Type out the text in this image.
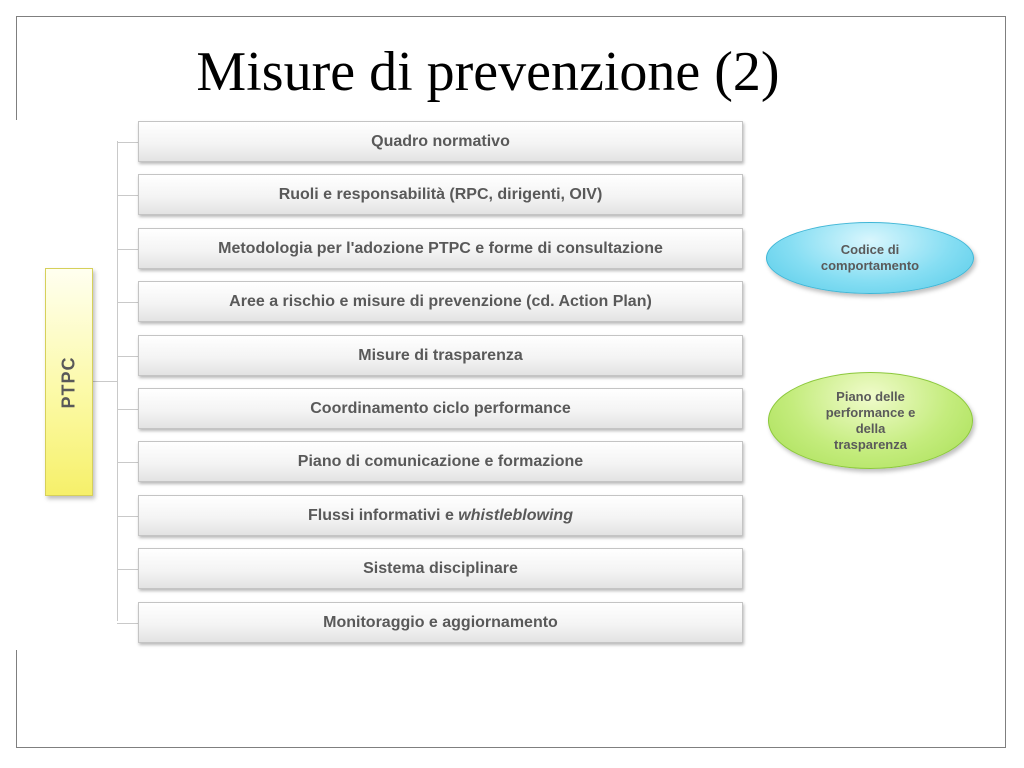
Misure di prevenzione (2)
PTPC
Quadro normativo
Ruoli e responsabilità (RPC, dirigenti, OIV)
Metodologia per l'adozione PTPC e forme di consultazione
Aree a rischio e misure di prevenzione (cd. Action Plan)
Misure di trasparenza
Coordinamento ciclo performance
Piano di comunicazione e formazione
Flussi informativi e whistleblowing
Sistema disciplinare
Monitoraggio e aggiornamento
Codice di
comportamento
Piano delle
performance e
della
trasparenza
